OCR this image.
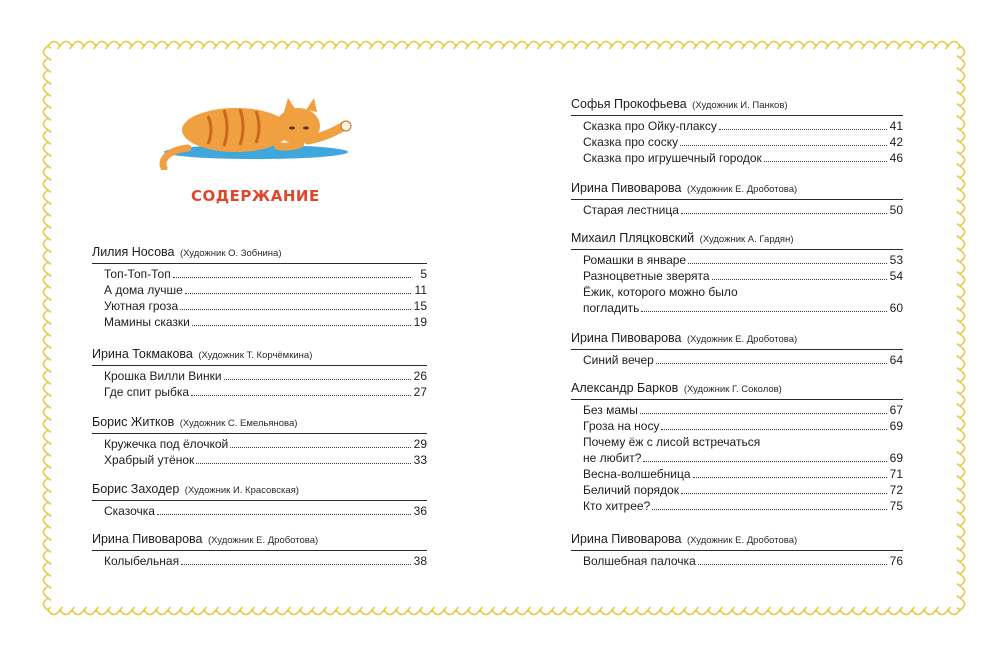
СОДЕРЖАНИЕ
Лилия Носова (Художник О. Зобнина)
Топ-Топ-Топ	5
А дома лучше	11
Уютная гроза	15
Мамины сказки	19
Ирина Токмакова (Художник Т. Корчёмкина)
Крошка Вилли Винки	26
Где спит рыбка	27
Борис Житков (Художник С. Емельянова)
Кружечка под ёлочкой	29
Храбрый утёнок	33
Борис Заходер (Художник И. Красовская)
Сказочка	36
Ирина Пивоварова (Художник Е. Дроботова)
Колыбельная	38
Софья Прокофьева (Художник И. Панков)
Сказка про Ойку-плаксу	41
Сказка про соску	42
Сказка про игрушечный городок	46
Ирина Пивоварова (Художник Е. Дроботова)
Старая лестница	50
Михаил Пляцковский (Художник А. Гардян)
Ромашки в январе	53
Разноцветные зверята	54
Ёжик, которого можно было
погладить	60
Ирина Пивоварова (Художник Е. Дроботова)
Синий вечер	64
Александр Барков (Художник Г. Соколов)
Без мамы	67
Гроза на носу	69
Почему ёж с лисой встречаться
не любит?	69
Весна-волшебница	71
Беличий порядок	72
Кто хитрее?	75
Ирина Пивоварова (Художник Е. Дроботова)
Волшебная палочка	76
